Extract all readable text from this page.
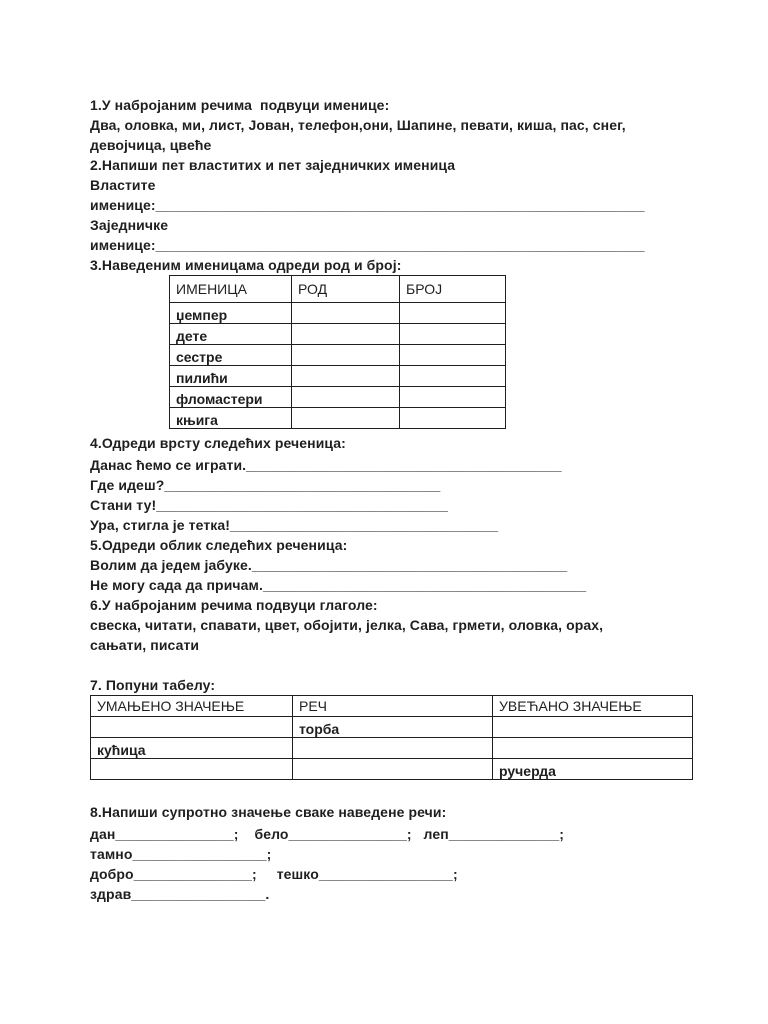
1.У набројаним речима  подвуци именице:
Два, оловка, ми, лист, Јован, телефон,они, Шапине, певати, киша, пас, снег,
девојчица, цвеће
2.Напиши пет властитих и пет заједничких именица
Властите
именице:______________________________________________________________
Заједничке
именице:______________________________________________________________
3.Наведеним именицама одреди род и број:
ИМЕНИЦА	РОД	БРОЈ
џемпер		
дете		
сестре		
пилићи		
фломастери		
књига		
4.Одреди врсту следећих реченица:
Данас ћемо се играти.________________________________________
Где идеш?___________________________________
Стани ту!_____________________________________
Ура, стигла је тетка!__________________________________
5.Одреди облик следећих реченица:
Волим да једем јабуке.________________________________________
Не могу сада да причам._________________________________________
6.У набројаним речима подвуци глаголе:
свеска, читати, спавати, цвет, обојити, јелка, Сава, грмети, оловка, орах,
сањати, писати
7. Попуни табелу:
УМАЊЕНО ЗНАЧЕЊЕ	РЕЧ	УВЕЋАНО ЗНАЧЕЊЕ
	торба	
кућица		
		ручерда
8.Напиши супротно значење сваке наведене речи:
дан_______________;    бело_______________;   леп______________;
тамно_________________;
добро_______________;     тешко_________________;
здрав_________________.
